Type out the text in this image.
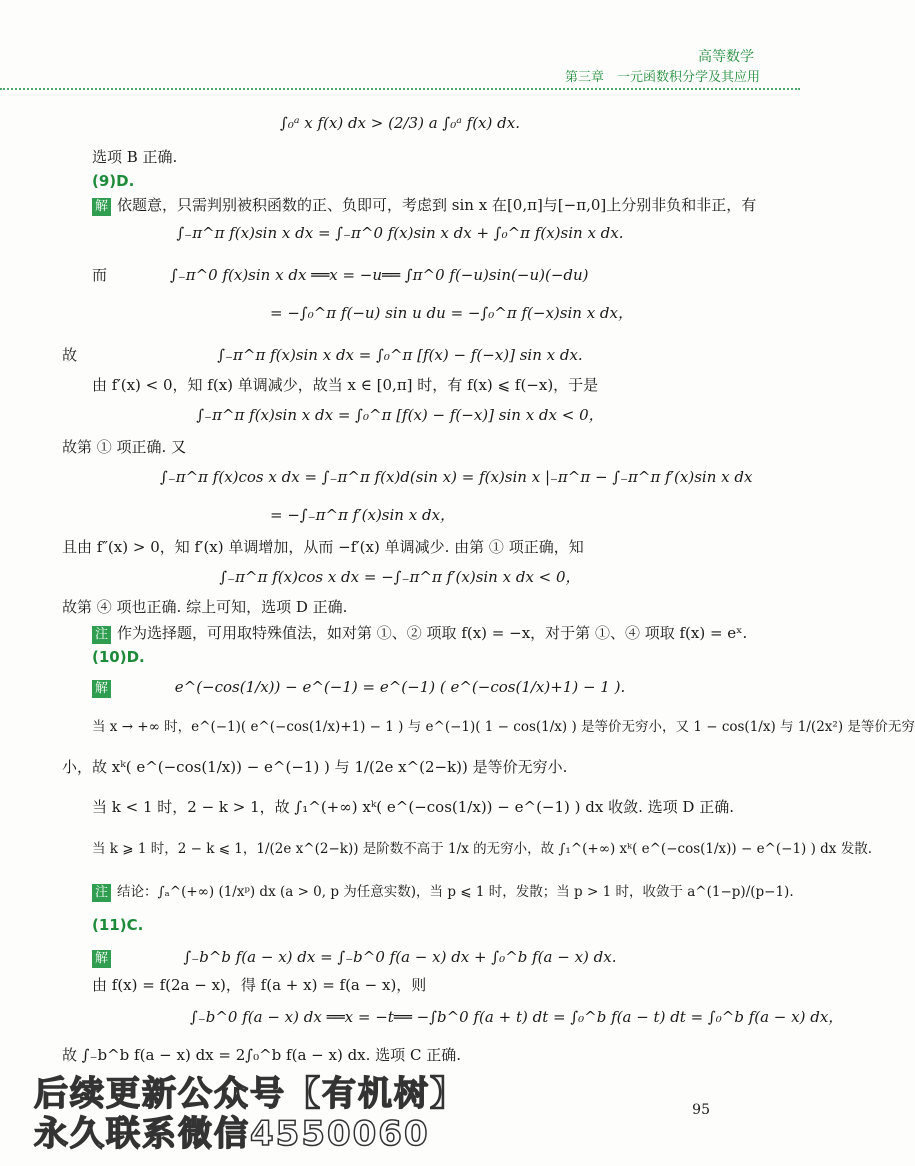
高等数学
第三章　一元函数积分学及其应用
∫₀ᵃ x f(x) dx > (2/3) a ∫₀ᵃ f(x) dx.
选项 B 正确.
(9)D.
解 依题意，只需判别被积函数的正、负即可，考虑到 sin x 在[0,π]与[−π,0]上分别非负和非正，有
∫₋π^π f(x)sin x dx = ∫₋π^0 f(x)sin x dx + ∫₀^π f(x)sin x dx.
而	∫₋π^0 f(x)sin x dx ══x = −u══ ∫π^0 f(−u)sin(−u)(−du)
= −∫₀^π f(−u) sin u du = −∫₀^π f(−x)sin x dx，
故	∫₋π^π f(x)sin x dx = ∫₀^π [f(x) − f(−x)] sin x dx.
由 f′(x) < 0，知 f(x) 单调减少，故当 x ∈ [0,π] 时，有 f(x) ⩽ f(−x)，于是
∫₋π^π f(x)sin x dx = ∫₀^π [f(x) − f(−x)] sin x dx < 0，
故第 ① 项正确. 又
∫₋π^π f(x)cos x dx = ∫₋π^π f(x)d(sin x) = f(x)sin x |₋π^π − ∫₋π^π f′(x)sin x dx
= −∫₋π^π f′(x)sin x dx，
且由 f″(x) > 0，知 f′(x) 单调增加，从而 −f′(x) 单调减少. 由第 ① 项正确，知
∫₋π^π f(x)cos x dx = −∫₋π^π f′(x)sin x dx < 0，
故第 ④ 项也正确. 综上可知，选项 D 正确.
注 作为选择题，可用取特殊值法，如对第 ①、② 项取 f(x) = −x，对于第 ①、④ 项取 f(x) = eˣ.
(10)D.
解	e^(−cos(1/x)) − e^(−1) = e^(−1) ( e^(−cos(1/x)+1) − 1 ).
当 x → +∞ 时，e^(−1)( e^(−cos(1/x)+1) − 1 ) 与 e^(−1)( 1 − cos(1/x) ) 是等价无穷小，又 1 − cos(1/x) 与 1/(2x²) 是等价无穷
小，故 xᵏ( e^(−cos(1/x)) − e^(−1) ) 与 1/(2e x^(2−k)) 是等价无穷小.
当 k < 1 时，2 − k > 1，故 ∫₁^(+∞) xᵏ( e^(−cos(1/x)) − e^(−1) ) dx 收敛. 选项 D 正确.
当 k ⩾ 1 时，2 − k ⩽ 1，1/(2e x^(2−k)) 是阶数不高于 1/x 的无穷小，故 ∫₁^(+∞) xᵏ( e^(−cos(1/x)) − e^(−1) ) dx 发散.
注 结论：∫ₐ^(+∞) (1/xᵖ) dx (a > 0, p 为任意实数)，当 p ⩽ 1 时，发散；当 p > 1 时，收敛于 a^(1−p)/(p−1).
(11)C.
解	∫₋b^b f(a − x) dx = ∫₋b^0 f(a − x) dx + ∫₀^b f(a − x) dx.
由 f(x) = f(2a − x)，得 f(a + x) = f(a − x)，则
∫₋b^0 f(a − x) dx ══x = −t══ −∫b^0 f(a + t) dt = ∫₀^b f(a − t) dt = ∫₀^b f(a − x) dx，
故 ∫₋b^b f(a − x) dx = 2∫₀^b f(a − x) dx. 选项 C 正确.
后续更新公众号【有机树】
永久联系微信4550060
95
